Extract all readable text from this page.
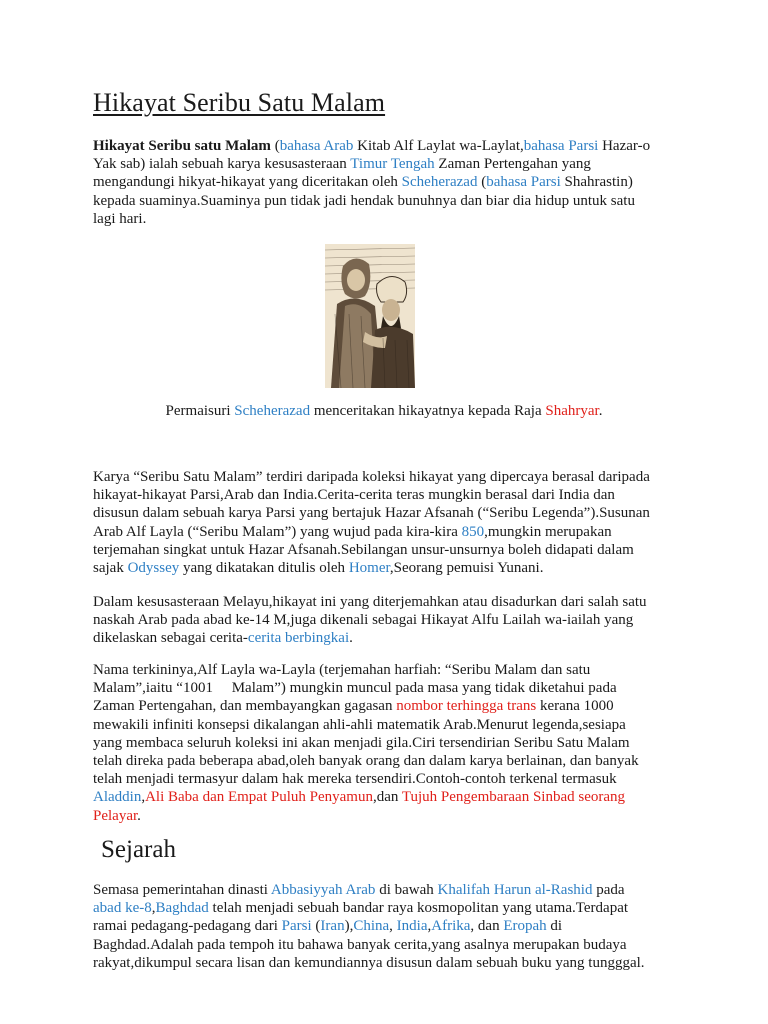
Hikayat Seribu Satu Malam

Hikayat Seribu satu Malam (bahasa Arab Kitab Alf Laylat wa-Laylat,bahasa Parsi Hazar-o
Yak sab) ialah sebuah karya kesusasteraan Timur Tengah Zaman Pertengahan yang
mengandungi hikyat-hikayat yang diceritakan oleh Scheherazad (bahasa Parsi Shahrastin)
kepada suaminya.Suaminya pun tidak jadi hendak bunuhnya dan biar dia hidup untuk satu
lagi hari.

Permaisuri Scheherazad menceritakan hikayatnya kepada Raja Shahryar.

Karya “Seribu Satu Malam” terdiri daripada koleksi hikayat yang dipercaya berasal daripada
hikayat-hikayat Parsi,Arab dan India.Cerita-cerita teras mungkin berasal dari India dan
disusun dalam sebuah karya Parsi yang bertajuk Hazar Afsanah (“Seribu Legenda”).Susunan
Arab Alf Layla (“Seribu Malam”) yang wujud pada kira-kira 850,mungkin merupakan
terjemahan singkat untuk Hazar Afsanah.Sebilangan unsur-unsurnya boleh didapati dalam
sajak Odyssey yang dikatakan ditulis oleh Homer,Seorang pemuisi Yunani.

Dalam kesusasteraan Melayu,hikayat ini yang diterjemahkan atau disadurkan dari salah satu
naskah Arab pada abad ke-14 M,juga dikenali sebagai Hikayat Alfu Lailah wa-iailah yang
dikelaskan sebagai cerita-cerita berbingkai.

Nama terkininya,Alf Layla wa-Layla (terjemahan harfiah: “Seribu Malam dan satu
Malam”,iaitu “1001     Malam”) mungkin muncul pada masa yang tidak diketahui pada
Zaman Pertengahan, dan membayangkan gagasan nombor terhingga trans kerana 1000
mewakili infiniti konsepsi dikalangan ahli-ahli matematik Arab.Menurut legenda,sesiapa
yang membaca seluruh koleksi ini akan menjadi gila.Ciri tersendirian Seribu Satu Malam
telah direka pada beberapa abad,oleh banyak orang dan dalam karya berlainan, dan banyak
telah menjadi termasyur dalam hak mereka tersendiri.Contoh-contoh terkenal termasuk
Aladdin,Ali Baba dan Empat Puluh Penyamun,dan Tujuh Pengembaraan Sinbad seorang
Pelayar.

Sejarah

Semasa pemerintahan dinasti Abbasiyyah Arab di bawah Khalifah Harun al-Rashid pada
abad ke-8,Baghdad telah menjadi sebuah bandar raya kosmopolitan yang utama.Terdapat
ramai pedagang-pedagang dari Parsi (Iran),China, India,Afrika, dan Eropah di
Baghdad.Adalah pada tempoh itu bahawa banyak cerita,yang asalnya merupakan budaya
rakyat,dikumpul secara lisan dan kemundiannya disusun dalam sebuah buku yang tungggal.
